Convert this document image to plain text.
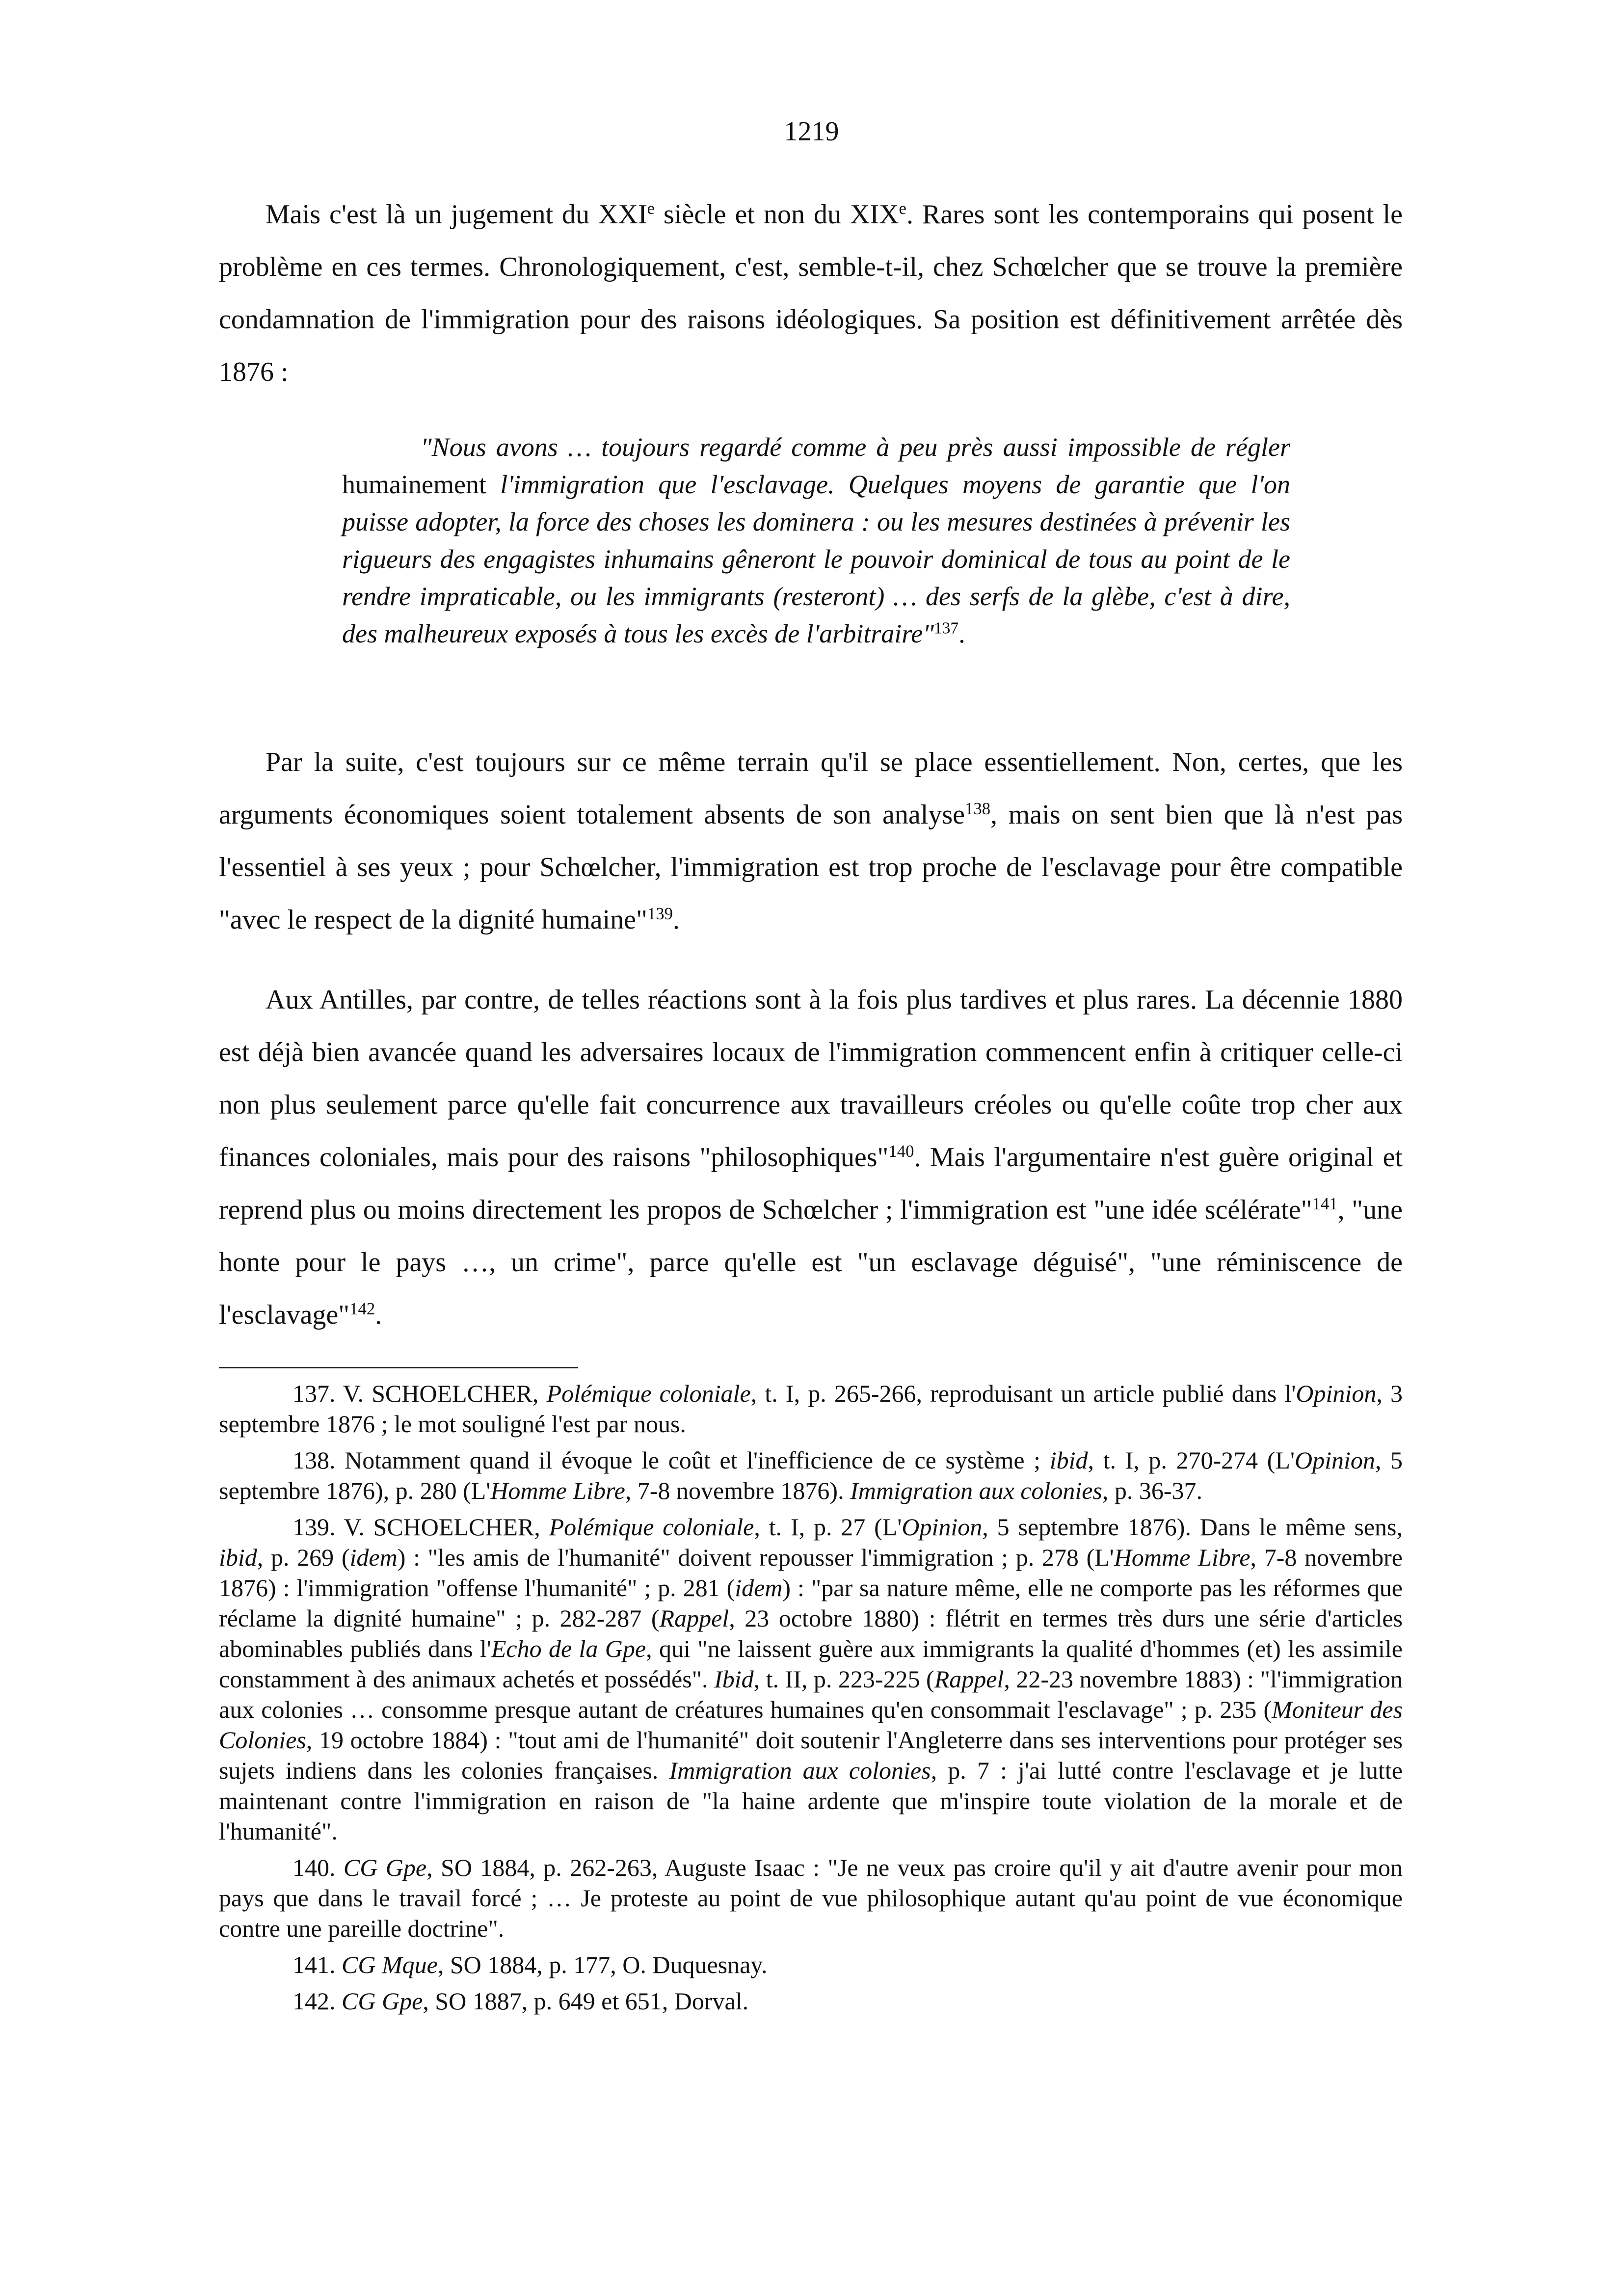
1219

Mais c'est là un jugement du XXIe siècle et non du XIXe. Rares sont les contemporains qui posent le problème en ces termes. Chronologiquement, c'est, semble-t-il, chez Schœlcher que se trouve la première condamnation de l'immigration pour des raisons idéologiques. Sa position est définitivement arrêtée dès 1876 :

"Nous avons … toujours regardé comme à peu près aussi impossible de régler humainement l'immigration que l'esclavage. Quelques moyens de garantie que l'on puisse adopter, la force des choses les dominera : ou les mesures destinées à prévenir les rigueurs des engagistes inhumains gêneront le pouvoir dominical de tous au point de le rendre impraticable, ou les immigrants (resteront) … des serfs de la glèbe, c'est à dire, des malheureux exposés à tous les excès de l'arbitraire"$^{137}$.

Par la suite, c'est toujours sur ce même terrain qu'il se place essentiellement. Non, certes, que les arguments économiques soient totalement absents de son analyse$^{138}$, mais on sent bien que là n'est pas l'essentiel à ses yeux ; pour Schœlcher, l'immigration est trop proche de l'esclavage pour être compatible "avec le respect de la dignité humaine"$^{139}$.

Aux Antilles, par contre, de telles réactions sont à la fois plus tardives et plus rares. La décennie 1880 est déjà bien avancée quand les adversaires locaux de l'immigration commencent enfin à critiquer celle-ci non plus seulement parce qu'elle fait concurrence aux travailleurs créoles ou qu'elle coûte trop cher aux finances coloniales, mais pour des raisons "philosophiques"$^{140}$. Mais l'argumentaire n'est guère original et reprend plus ou moins directement les propos de Schœlcher ; l'immigration est "une idée scélérate"$^{141}$, "une honte pour le pays …, un crime", parce qu'elle est "un esclavage déguisé", "une réminiscence de l'esclavage"$^{142}$.

137. V. SCHOELCHER, Polémique coloniale, t. I, p. 265-266, reproduisant un article publié dans l'Opinion, 3 septembre 1876 ; le mot souligné l'est par nous.

138. Notamment quand il évoque le coût et l'inefficience de ce système ; ibid, t. I, p. 270-274 (L'Opinion, 5 septembre 1876), p. 280 (L'Homme Libre, 7-8 novembre 1876). Immigration aux colonies, p. 36-37.

139. V. SCHOELCHER, Polémique coloniale, t. I, p. 27 (L'Opinion, 5 septembre 1876). Dans le même sens, ibid, p. 269 (idem) : "les amis de l'humanité" doivent repousser l'immigration ; p. 278 (L'Homme Libre, 7-8 novembre 1876) : l'immigration "offense l'humanité" ; p. 281 (idem) : "par sa nature même, elle ne comporte pas les réformes que réclame la dignité humaine" ; p. 282-287 (Rappel, 23 octobre 1880) : flétrit en termes très durs une série d'articles abominables publiés dans l'Echo de la Gpe, qui "ne laissent guère aux immigrants la qualité d'hommes (et) les assimile constamment à des animaux achetés et possédés". Ibid, t. II, p. 223-225 (Rappel, 22-23 novembre 1883) : "l'immigration aux colonies … consomme presque autant de créatures humaines qu'en consommait l'esclavage" ; p. 235 (Moniteur des Colonies, 19 octobre 1884) : "tout ami de l'humanité" doit soutenir l'Angleterre dans ses interventions pour protéger ses sujets indiens dans les colonies françaises. Immigration aux colonies, p. 7 : j'ai lutté contre l'esclavage et je lutte maintenant contre l'immigration en raison de "la haine ardente que m'inspire toute violation de la morale et de l'humanité".

140. CG Gpe, SO 1884, p. 262-263, Auguste Isaac : "Je ne veux pas croire qu'il y ait d'autre avenir pour mon pays que dans le travail forcé ; … Je proteste au point de vue philosophique autant qu'au point de vue économique contre une pareille doctrine".

141. CG Mque, SO 1884, p. 177, O. Duquesnay.

142. CG Gpe, SO 1887, p. 649 et 651, Dorval.
